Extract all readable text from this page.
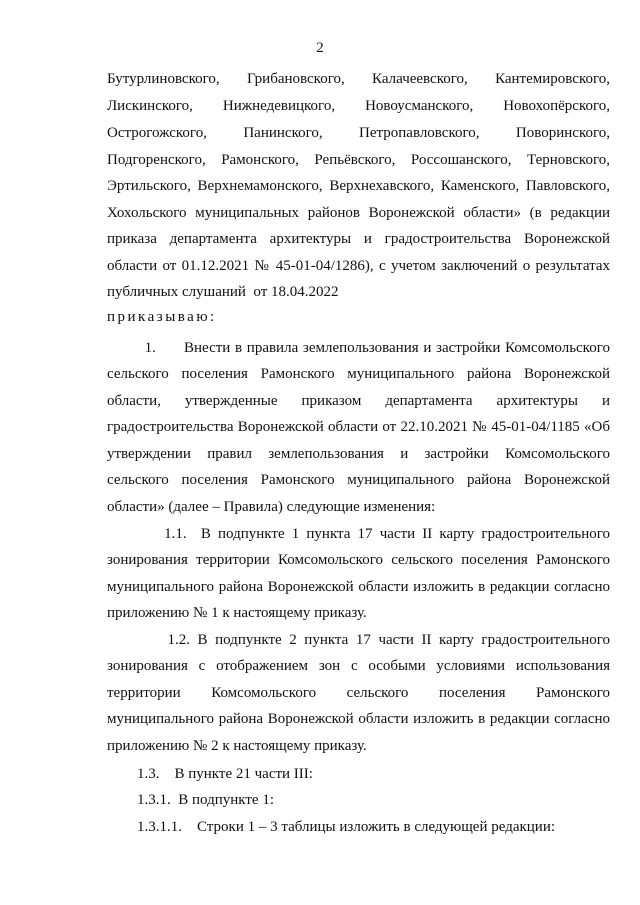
2
Бутурлиновского,      Грибановского,      Калачеевского,      Кантемировского,
Лискинского,      Нижнедевицкого,      Новоусманского,      Новохопёрского,
Острогожского,      Панинского,      Петропавловского,      Поворинского,
Подгоренского, Рамонского, Репьёвского, Россошанского, Терновского,
Эртильского, Верхнемамонского, Верхнехавского, Каменского, Павловского,
Хохольского муниципальных районов Воронежской области» (в редакции
приказа департамента архитектуры и градостроительства Воронежской
области от 01.12.2021 № 45-01-04/1286), с учетом заключений о результатах
публичных слушаний  от 18.04.2022
приказываю:
1.      Внести в правила землепользования и застройки Комсомольского
сельского поселения Рамонского муниципального района Воронежской
области,    утвержденные    приказом    департамента    архитектуры    и
градостроительства Воронежской области от 22.10.2021 № 45-01-04/1185 «Об
утверждении правил землепользования и застройки Комсомольского
сельского поселения Рамонского муниципального района Воронежской
области» (далее – Правила) следующие изменения:
1.1.  В подпункте 1 пункта 17 части II карту градостроительного
зонирования территории Комсомольского сельского поселения Рамонского
муниципального района Воронежской области изложить в редакции согласно
приложению № 1 к настоящему приказу.
1.2. В подпункте 2 пункта 17 части II карту градостроительного
зонирования с отображением зон с особыми условиями использования
территории     Комсомольского     сельского     поселения     Рамонского
муниципального района Воронежской области изложить в редакции согласно
приложению № 2 к настоящему приказу.
1.3.    В пункте 21 части III:
1.3.1.  В подпункте 1:
1.3.1.1.    Строки 1 – 3 таблицы изложить в следующей редакции:
